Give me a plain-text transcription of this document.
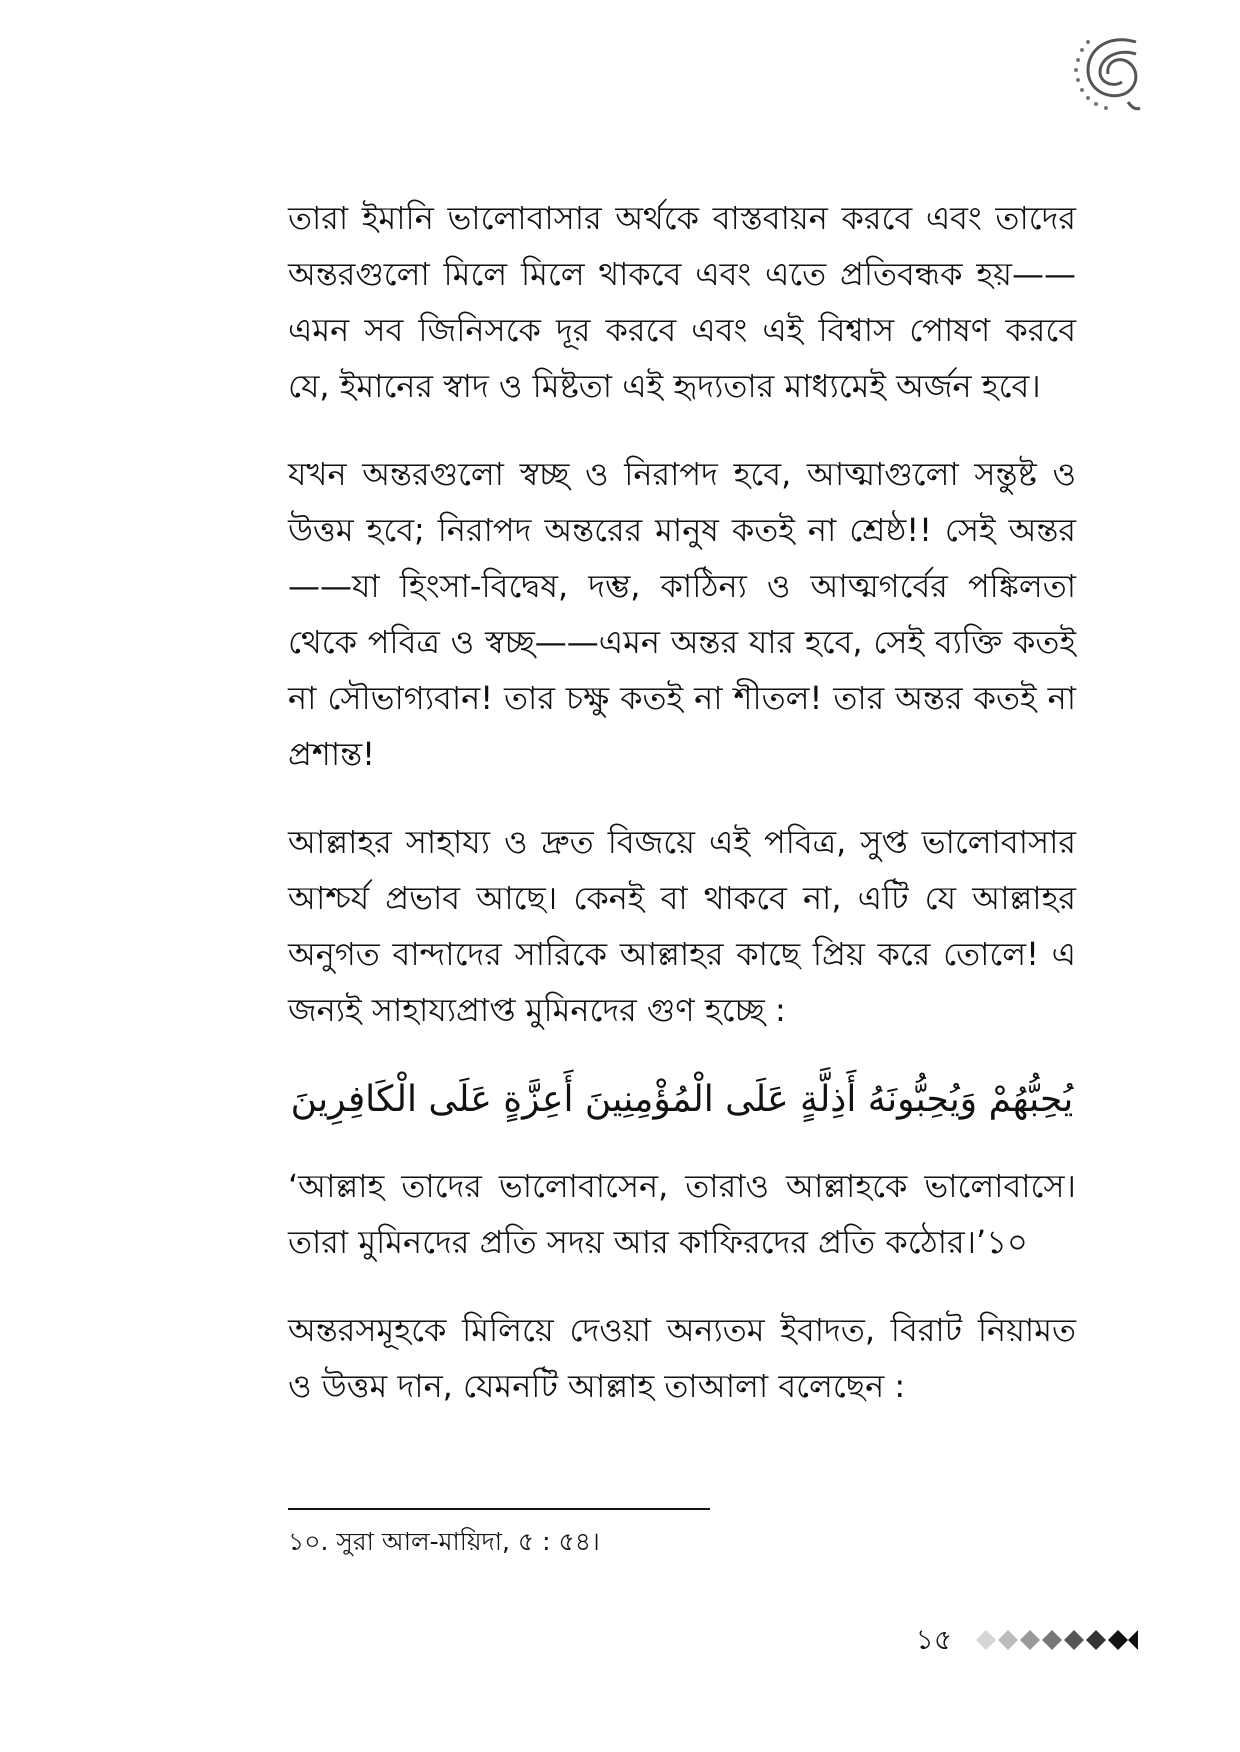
তারা ইমানি ভালোবাসার অর্থকে বাস্তবায়ন করবে এবং তাদের অন্তরগুলো মিলে মিলে থাকবে এবং এতে প্রতিবন্ধক হয়——এমন সব জিনিসকে দূর করবে এবং এই বিশ্বাস পোষণ করবে যে, ইমানের স্বাদ ও মিষ্টতা এই হৃদ্যতার মাধ্যমেই অর্জন হবে।

যখন অন্তরগুলো স্বচ্ছ ও নিরাপদ হবে, আত্মাগুলো সন্তুষ্ট ও উত্তম হবে; নিরাপদ অন্তরের মানুষ কতই না শ্রেষ্ঠ!! সেই অন্তর——যা হিংসা-বিদ্বেষ, দম্ভ, কাঠিন্য ও আত্মগর্বের পঙ্কিলতা থেকে পবিত্র ও স্বচ্ছ——এমন অন্তর যার হবে, সেই ব্যক্তি কতই না সৌভাগ্যবান! তার চক্ষু কতই না শীতল! তার অন্তর কতই না প্রশান্ত!

আল্লাহর সাহায্য ও দ্রুত বিজয়ে এই পবিত্র, সুপ্ত ভালোবাসার আশ্চর্য প্রভাব আছে। কেনই বা থাকবে না, এটি যে আল্লাহর অনুগত বান্দাদের সারিকে আল্লাহর কাছে প্রিয় করে তোলে! এ জন্যই সাহায্যপ্রাপ্ত মুমিনদের গুণ হচ্ছে :

يُحِبُّهُمْ وَيُحِبُّونَهُ أَذِلَّةٍ عَلَى الْمُؤْمِنِينَ أَعِزَّةٍ عَلَى الْكَافِرِينَ

‘আল্লাহ তাদের ভালোবাসেন, তারাও আল্লাহকে ভালোবাসে। তারা মুমিনদের প্রতি সদয় আর কাফিরদের প্রতি কঠোর।’১০

অন্তরসমূহকে মিলিয়ে দেওয়া অন্যতম ইবাদত, বিরাট নিয়ামত ও উত্তম দান, যেমনটি আল্লাহ তাআলা বলেছেন :

১০. সুরা আল-মায়িদা, ৫ : ৫৪।
১৫
